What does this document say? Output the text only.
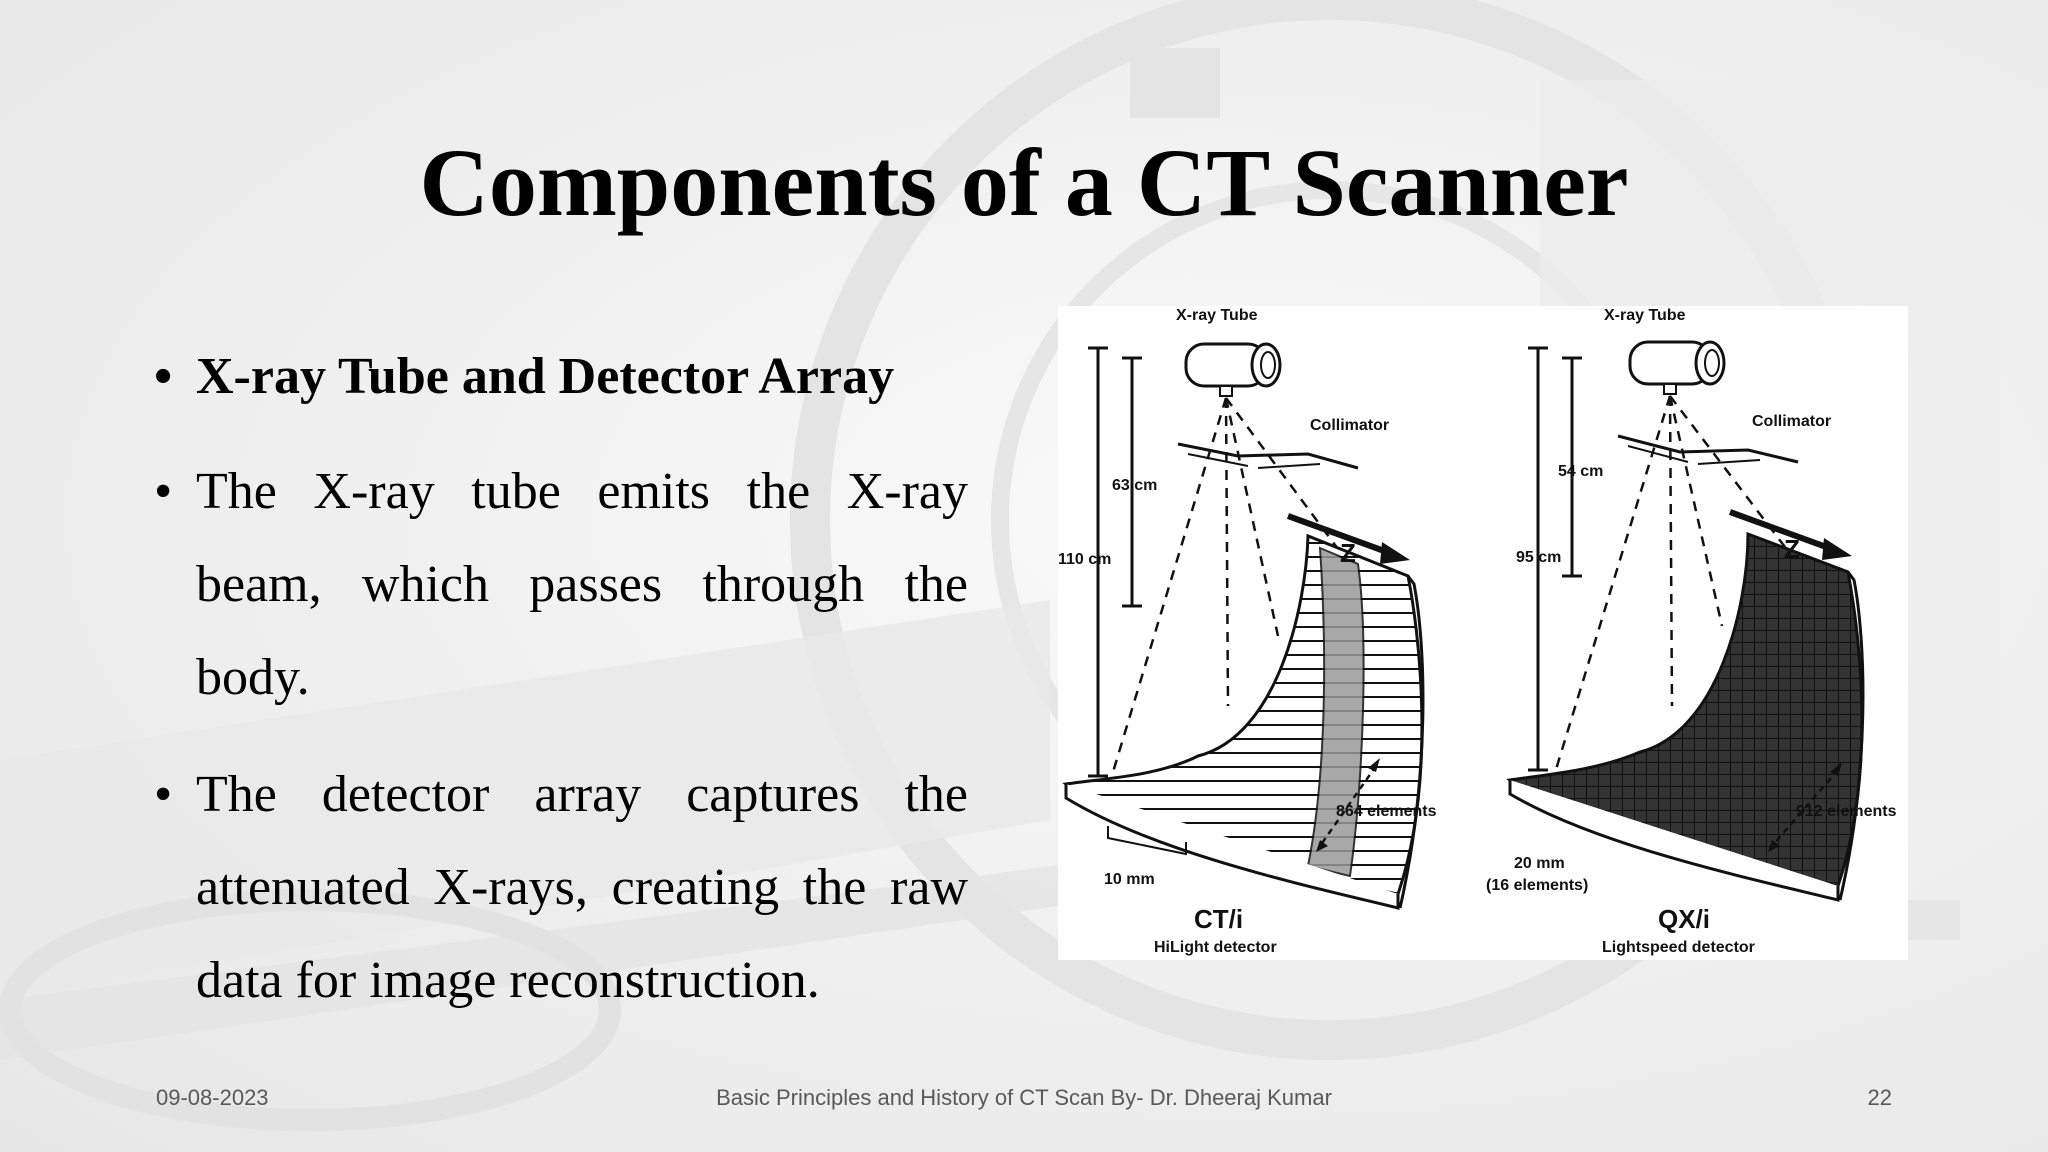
Components of a CT Scanner
• X-ray Tube and Detector Array
• The X-ray tube emits the X-ray beam, which passes through the body.
• The detector array captures the attenuated X-rays, creating the raw data for image reconstruction.
Z
X-ray Tube
Collimator
63 cm
110 cm
864 elements
10 mm
CT/i
HiLight detector
Z
X-ray Tube
Collimator
54 cm
95 cm
912 elements
20 mm
(16 elements)
QX/i
Lightspeed detector
09-08-2023	Basic Principles and History of CT Scan By- Dr. Dheeraj Kumar	22
